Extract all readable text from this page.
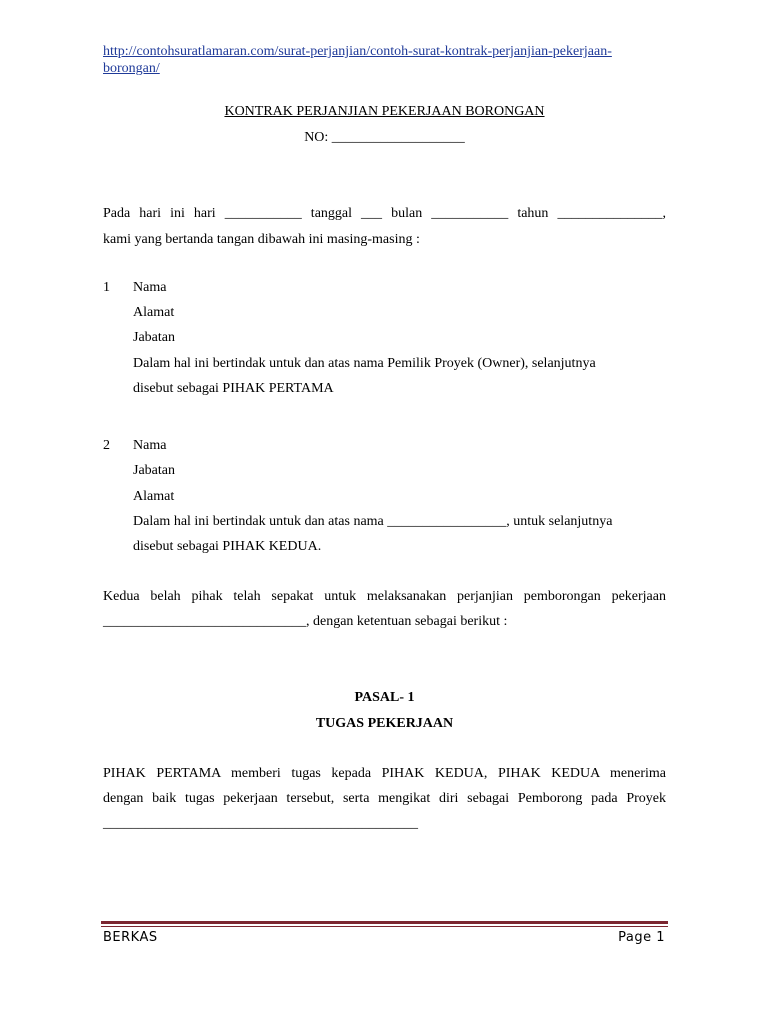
http://contohsuratlamaran.com/surat-perjanjian/contoh-surat-kontrak-perjanjian-pekerjaan-
borongan/
KONTRAK PERJANJIAN PEKERJAAN BORONGAN
NO: ___________________
Pada hari ini hari ___________ tanggal ___ bulan ___________ tahun _______________,
kami yang bertanda tangan dibawah ini masing-masing :
1 Nama
Alamat
Jabatan
Dalam hal ini bertindak untuk dan atas nama Pemilik Proyek (Owner), selanjutnya
disebut sebagai PIHAK PERTAMA
2 Nama
Jabatan
Alamat
Dalam hal ini bertindak untuk dan atas nama _________________, untuk selanjutnya
disebut sebagai PIHAK KEDUA.
Kedua belah pihak telah sepakat untuk melaksanakan perjanjian pemborongan pekerjaan
_____________________________, dengan ketentuan sebagai berikut :
PASAL- 1
TUGAS PEKERJAAN
PIHAK PERTAMA memberi tugas kepada PIHAK KEDUA, PIHAK KEDUA menerima
dengan baik tugas pekerjaan tersebut, serta mengikat diri sebagai Pemborong pada Proyek
_____________________________________________
BERKAS	Page 1
